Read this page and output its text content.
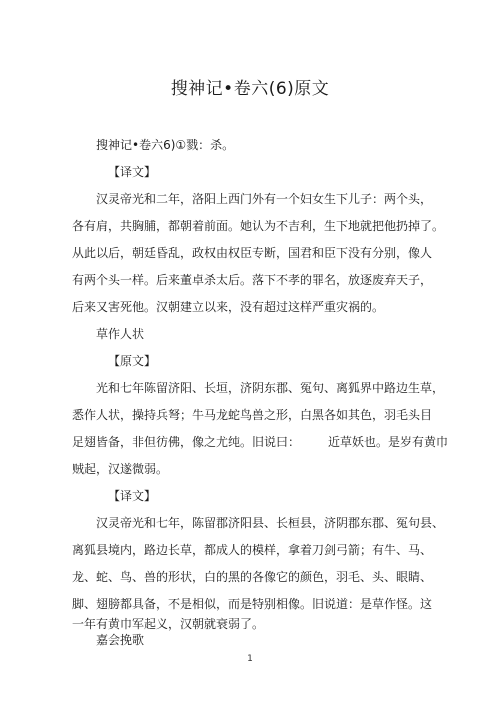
搜神记•卷六(6)原文
搜神记•卷六6)①戮：杀。
【译文】
汉灵帝光和二年，洛阳上西门外有一个妇女生下儿子：两个头，
各有肩，共胸脯，都朝着前面。她认为不吉利，生下地就把他扔掉了。
从此以后，朝廷昏乱，政权由权臣专断，国君和臣下没有分别，像人
有两个头一样。后来董卓杀太后。落下不孝的罪名，放逐废弃天子，
后来又害死他。汉朝建立以来，没有超过这样严重灾祸的。
草作人状
【原文】
光和七年陈留济阳、长垣，济阴东郡、冤句、离狐界中路边生草，
悉作人状，操持兵弩；牛马龙蛇鸟兽之形，白黑各如其色，羽毛头目
足翅皆备，非但彷佛，像之尤纯。旧说曰： 近草妖也。是岁有黄巾
贼起，汉遂微弱。
【译文】
汉灵帝光和七年，陈留郡济阳县、长桓县，济阴郡东郡、冤句县、
离狐县境内，路边长草，都成人的模样，拿着刀剑弓箭；有牛、马、
龙、蛇、鸟、兽的形状，白的黑的各像它的颜色，羽毛、头、眼睛、
脚、翅膀都具备，不是相似，而是特别相像。旧说道：是草作怪。这
一年有黄巾军起义，汉朝就衰弱了。
嘉会挽歌
1
